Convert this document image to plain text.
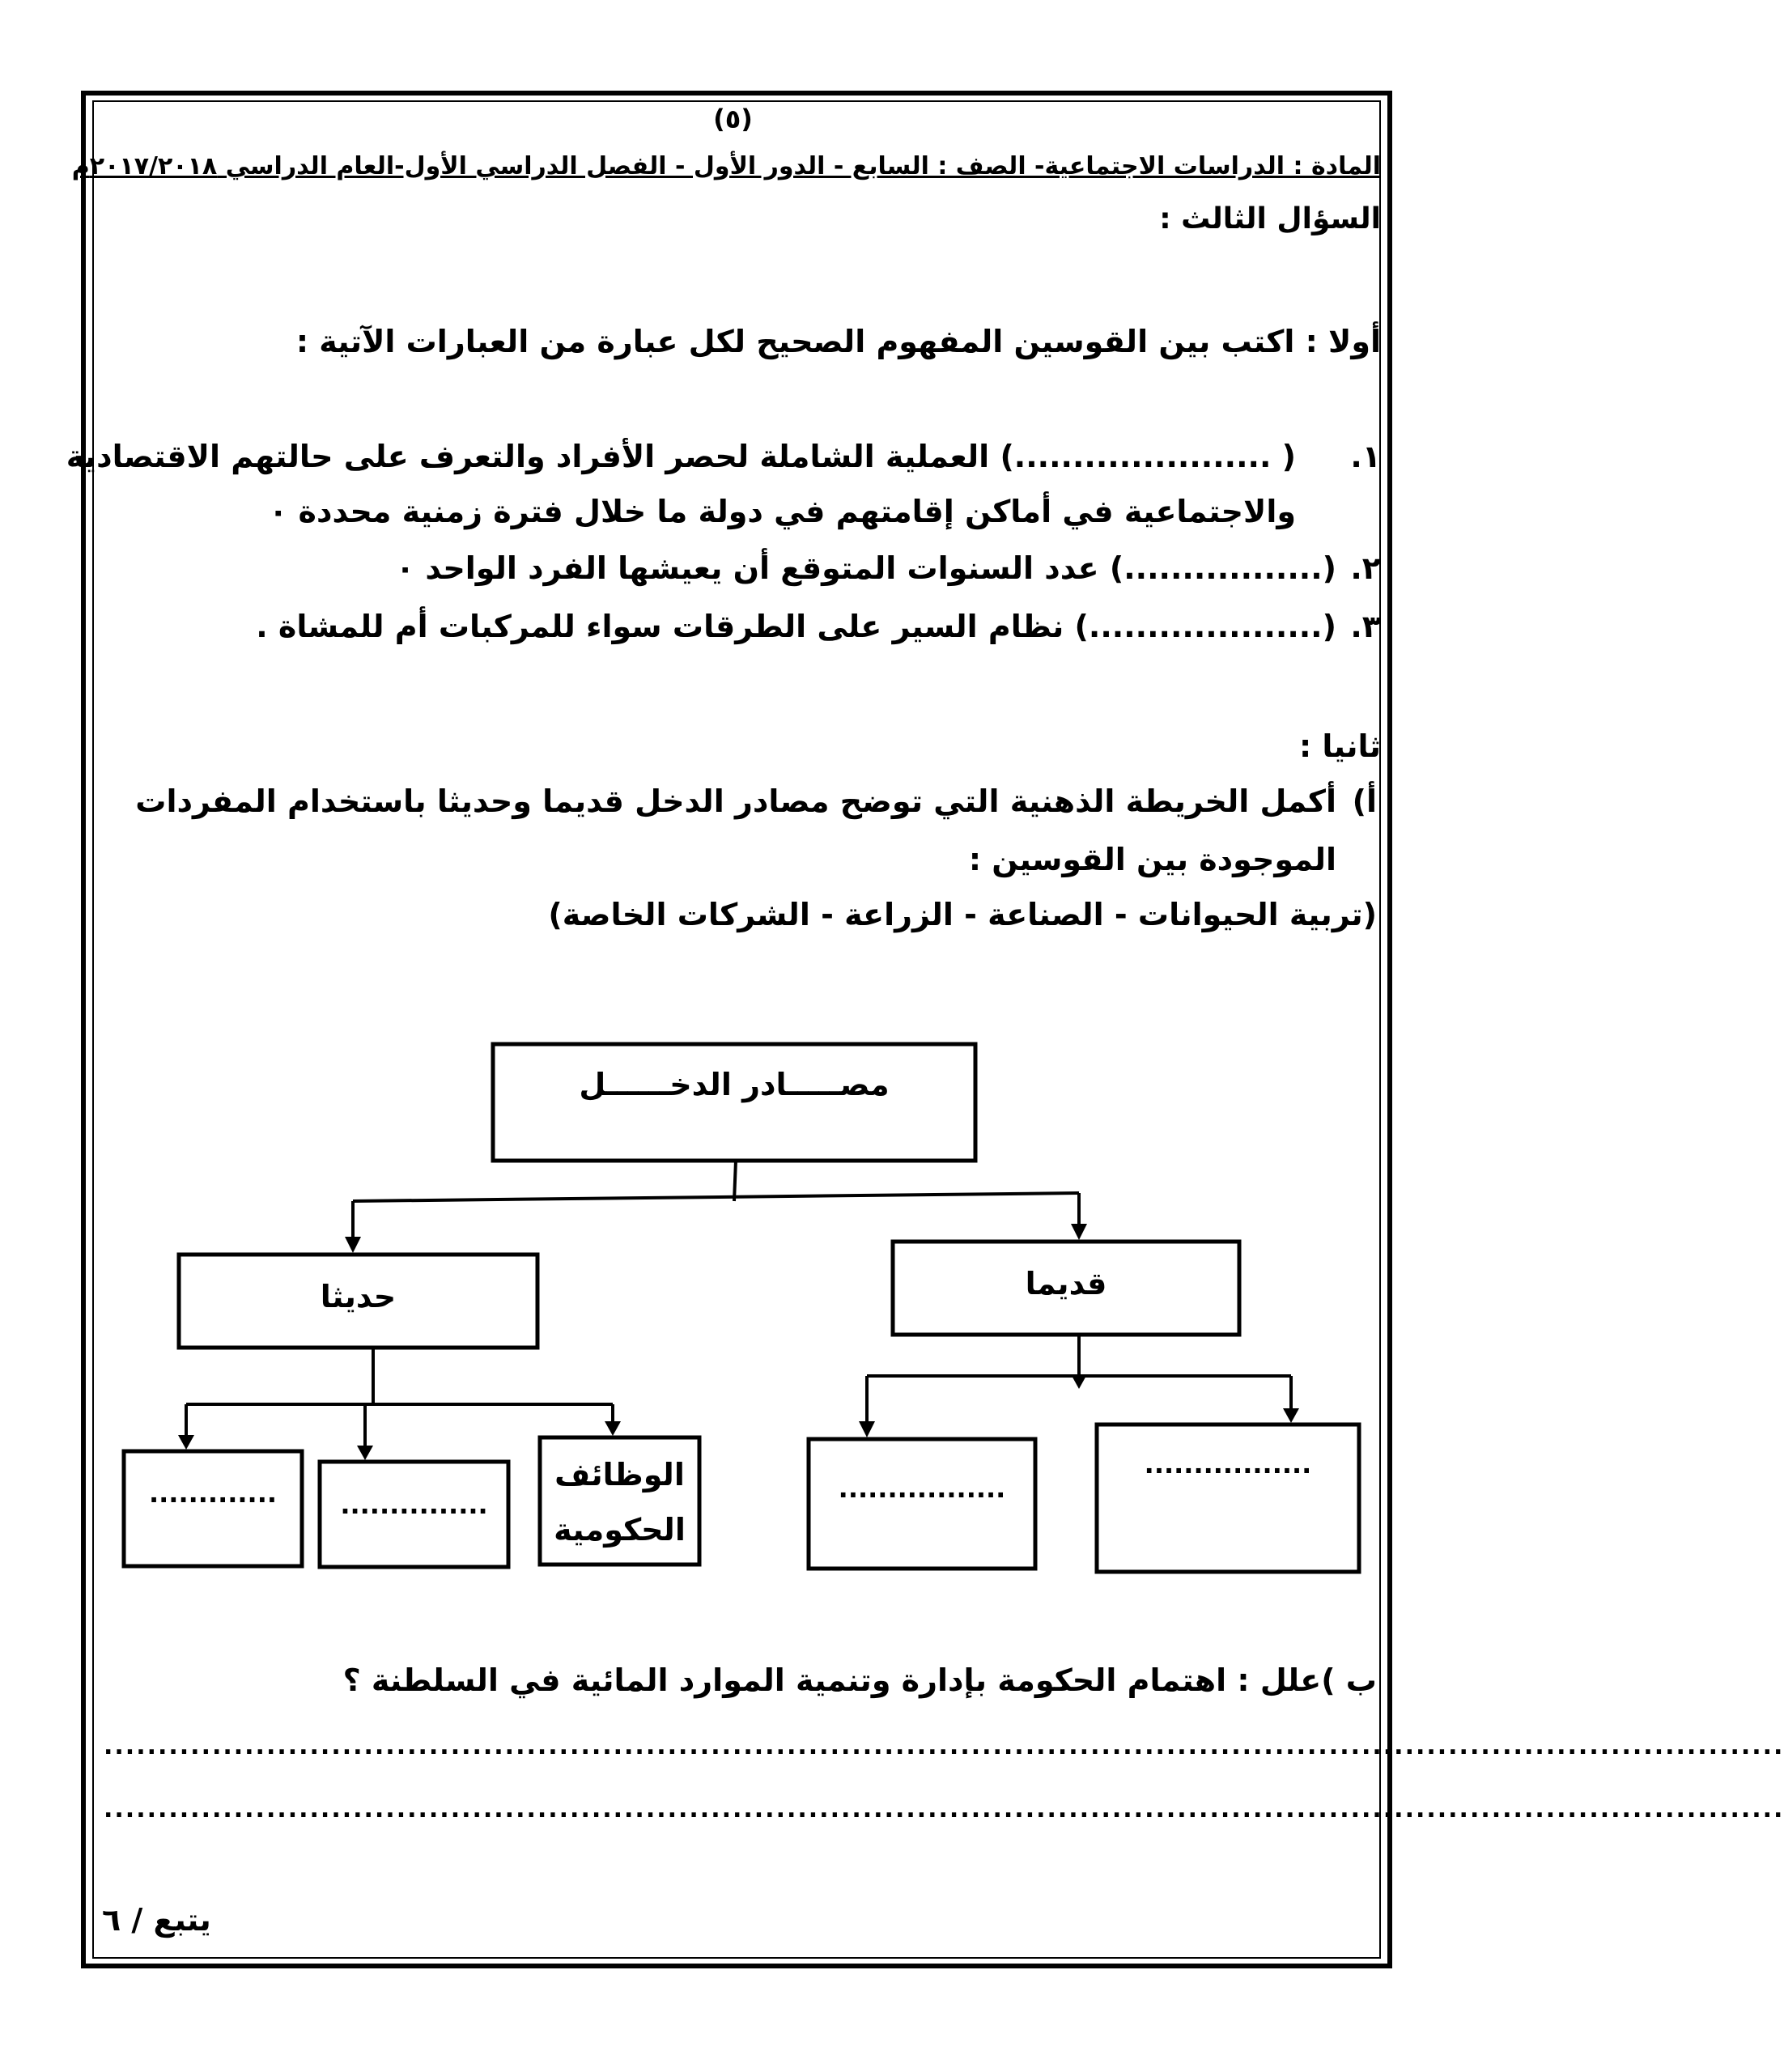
(٥)
المادة : الدراسات الاجتماعية- الصف : السابع - الدور الأول - الفصل الدراسي الأول-العام الدراسي ٢٠١٧/٢٠١٨م
السؤال الثالث :
أولا : اكتب بين القوسين المفهوم الصحيح لكل عبارة من العبارات الآتية :
١.
( ......................) العملية الشاملة لحصر الأفراد والتعرف على حالتهم الاقتصادية
والاجتماعية في أماكن إقامتهم في دولة ما خلال فترة زمنية محددة ٠
٢.
(.................) عدد السنوات المتوقع أن يعيشها الفرد الواحد ٠
٣.
(....................) نظام السير على الطرقات سواء للمركبات أم للمشاة .
ثانيا :
أ)
أكمل الخريطة الذهنية التي توضح مصادر الدخل قديما وحديثا باستخدام المفردات
الموجودة بين القوسين :
(تربية الحيوانات - الصناعة - الزراعة - الشركات الخاصة)
مصـــــادر الدخــــــل
حديثا	قديما
الوظائف
الحكومية
...............
.............	.................
.................
ب )علل : اهتمام الحكومة بإدارة وتنمية الموارد المائية في السلطنة ؟
...........................................................................................................................................................
...........................................................................................................................................................
يتبع / ٦
